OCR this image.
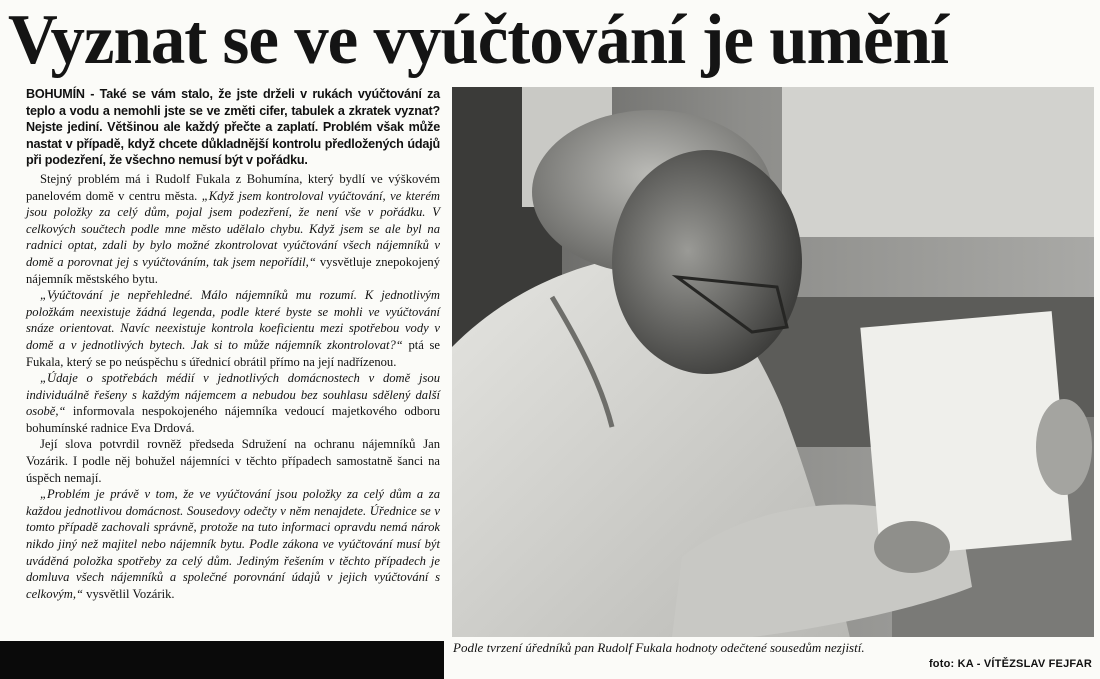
Vyznat se ve vyúčtování je umění

BOHUMÍN - Také se vám stalo, že jste drželi v rukách vyúčtování za teplo a vodu a nemohli jste se ve změti cifer, tabulek a zkratek vyznat? Nejste jediní. Většinou ale každý přečte a zaplatí. Problém však může nastat v případě, když chcete důkladnější kontrolu předložených údajů při podezření, že všechno nemusí být v pořádku.

Stejný problém má i Rudolf Fukala z Bohumína, který bydlí ve výškovém panelovém domě v centru města. „Když jsem kontroloval vyúčtování, ve kterém jsou položky za celý dům, pojal jsem podezření, že není vše v pořádku. V celkových součtech podle mne město udělalo chybu. Když jsem se ale byl na radnici optat, zdali by bylo možné zkontrolovat vyúčtování všech nájemníků v domě a porovnat jej s vyúčtováním, tak jsem nepořídil,“ vysvětluje znepokojený nájemník městského bytu.

„Vyúčtování je nepřehledné. Málo nájemníků mu rozumí. K jednotlivým položkám neexistuje žádná legenda, podle které byste se mohli ve vyúčtování snáze orientovat. Navíc neexistuje kontrola koeficientu mezi spotřebou vody v domě a v jednotlivých bytech. Jak si to může nájemník zkontrolovat?“ ptá se Fukala, který se po neúspěchu s úřednicí obrátil přímo na její nadřízenou.

„Údaje o spotřebách médií v jednotlivých domácnostech v domě jsou individuálně řešeny s každým nájemcem a nebudou bez souhlasu sdělený další osobě,“ informovala nespokojeného nájemníka vedoucí majetkového odboru bohumínské radnice Eva Drdová.

Její slova potvrdil rovněž předseda Sdružení na ochranu nájemníků Jan Vozárik. I podle něj bohužel nájemníci v těchto případech samostatně šanci na úspěch nemají.

„Problém je právě v tom, že ve vyúčtování jsou položky za celý dům a za každou jednotlivou domácnost. Sousedovy odečty v něm nenajdete. Úřednice se v tomto případě zachovali správně, protože na tuto informaci opravdu nemá nárok nikdo jiný než majitel nebo nájemník bytu. Podle zákona ve vyúčtování musí být uváděná položka spotřeby za celý dům. Jediným řešením v těchto případech je domluva všech nájemníků a společné porovnání údajů v jejich vyúčtování s celkovým,“ vysvětlil Vozárik.

Podle tvrzení úředníků pan Rudolf Fukala hodnoty odečtené sousedům nezjistí.
foto: KA - VÍTĚZSLAV FEJFAR
